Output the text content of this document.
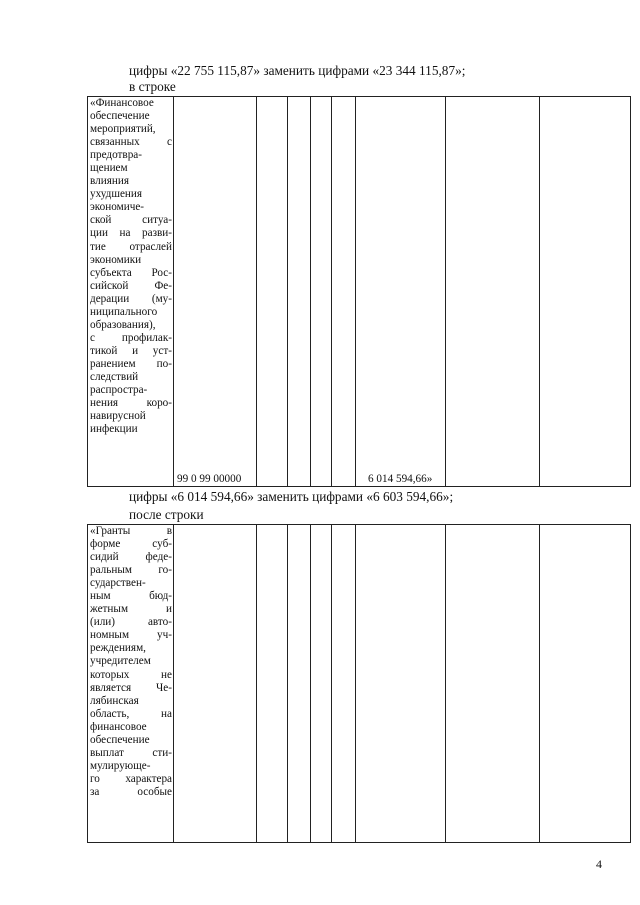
цифры «22 755 115,87» заменить цифрами «23 344 115,87»;
в строке
«Финансовое
обеспечение
мероприятий,
связанных с
предотвра-
щением
влияния
ухудшения
экономиче-
ской ситуа-
ции на разви-
тие отраслей
экономики
субъекта Рос-
сийской Фе-
дерации (му-
ниципального
образования),
с профилак-
тикой и уст-
ранением по-
следствий
распростра-
нения коро-
навирусной
инфекции
	99 0 99 00000					6 014 594,66»		
цифры «6 014 594,66» заменить цифрами «6 603 594,66»;
после строки
«Гранты в
форме суб-
сидий феде-
ральным го-
сударствен-
ным бюд-
жетным и
(или) авто-
номным уч-
реждениям,
учредителем
которых не
является Че-
лябинская
область, на
финансовое
обеспечение
выплат сти-
мулирующе-
го характера
за особые

4
